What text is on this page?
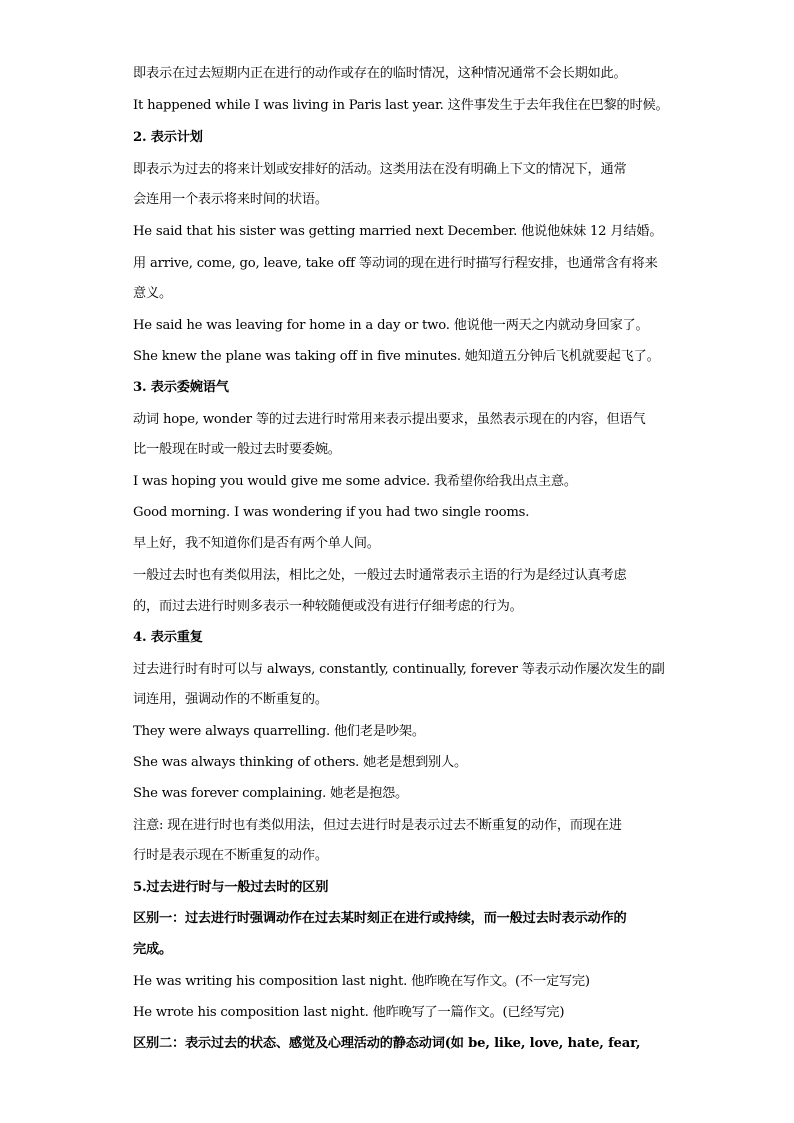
即表示在过去短期内正在进行的动作或存在的临时情况，这种情况通常不会长期如此。
It happened while I was living in Paris last year. 这件事发生于去年我住在巴黎的时候。
2. 表示计划
即表示为过去的将来计划或安排好的活动。这类用法在没有明确上下文的情况下，通常
会连用一个表示将来时间的状语。
He said that his sister was getting married next December. 他说他妹妹 12 月结婚。
用 arrive, come, go, leave, take off 等动词的现在进行时描写行程安排，也通常含有将来
意义。
He said he was leaving for home in a day or two. 他说他一两天之内就动身回家了。
She knew the plane was taking off in five minutes. 她知道五分钟后飞机就要起飞了。
3. 表示委婉语气
动词 hope, wonder 等的过去进行时常用来表示提出要求，虽然表示现在的内容，但语气
比一般现在时或一般过去时要委婉。
I was hoping you would give me some advice. 我希望你给我出点主意。
Good morning. I was wondering if you had two single rooms.
早上好，我不知道你们是否有两个单人间。
一般过去时也有类似用法，相比之处，一般过去时通常表示主语的行为是经过认真考虑
的，而过去进行时则多表示一种较随便或没有进行仔细考虑的行为。
4. 表示重复
过去进行时有时可以与 always, constantly, continually, forever 等表示动作屡次发生的副
词连用，强调动作的不断重复的。
They were always quarrelling. 他们老是吵架。
She was always thinking of others. 她老是想到别人。
She was forever complaining. 她老是抱怨。
注意: 现在进行时也有类似用法，但过去进行时是表示过去不断重复的动作，而现在进
行时是表示现在不断重复的动作。
5.过去进行时与一般过去时的区别
区别一：过去进行时强调动作在过去某时刻正在进行或持续，而一般过去时表示动作的
完成。
He was writing his composition last night. 他昨晚在写作文。(不一定写完)
He wrote his composition last night. 他昨晚写了一篇作文。(已经写完)
区别二：表示过去的状态、感觉及心理活动的静态动词(如 be, like, love, hate, fear,
